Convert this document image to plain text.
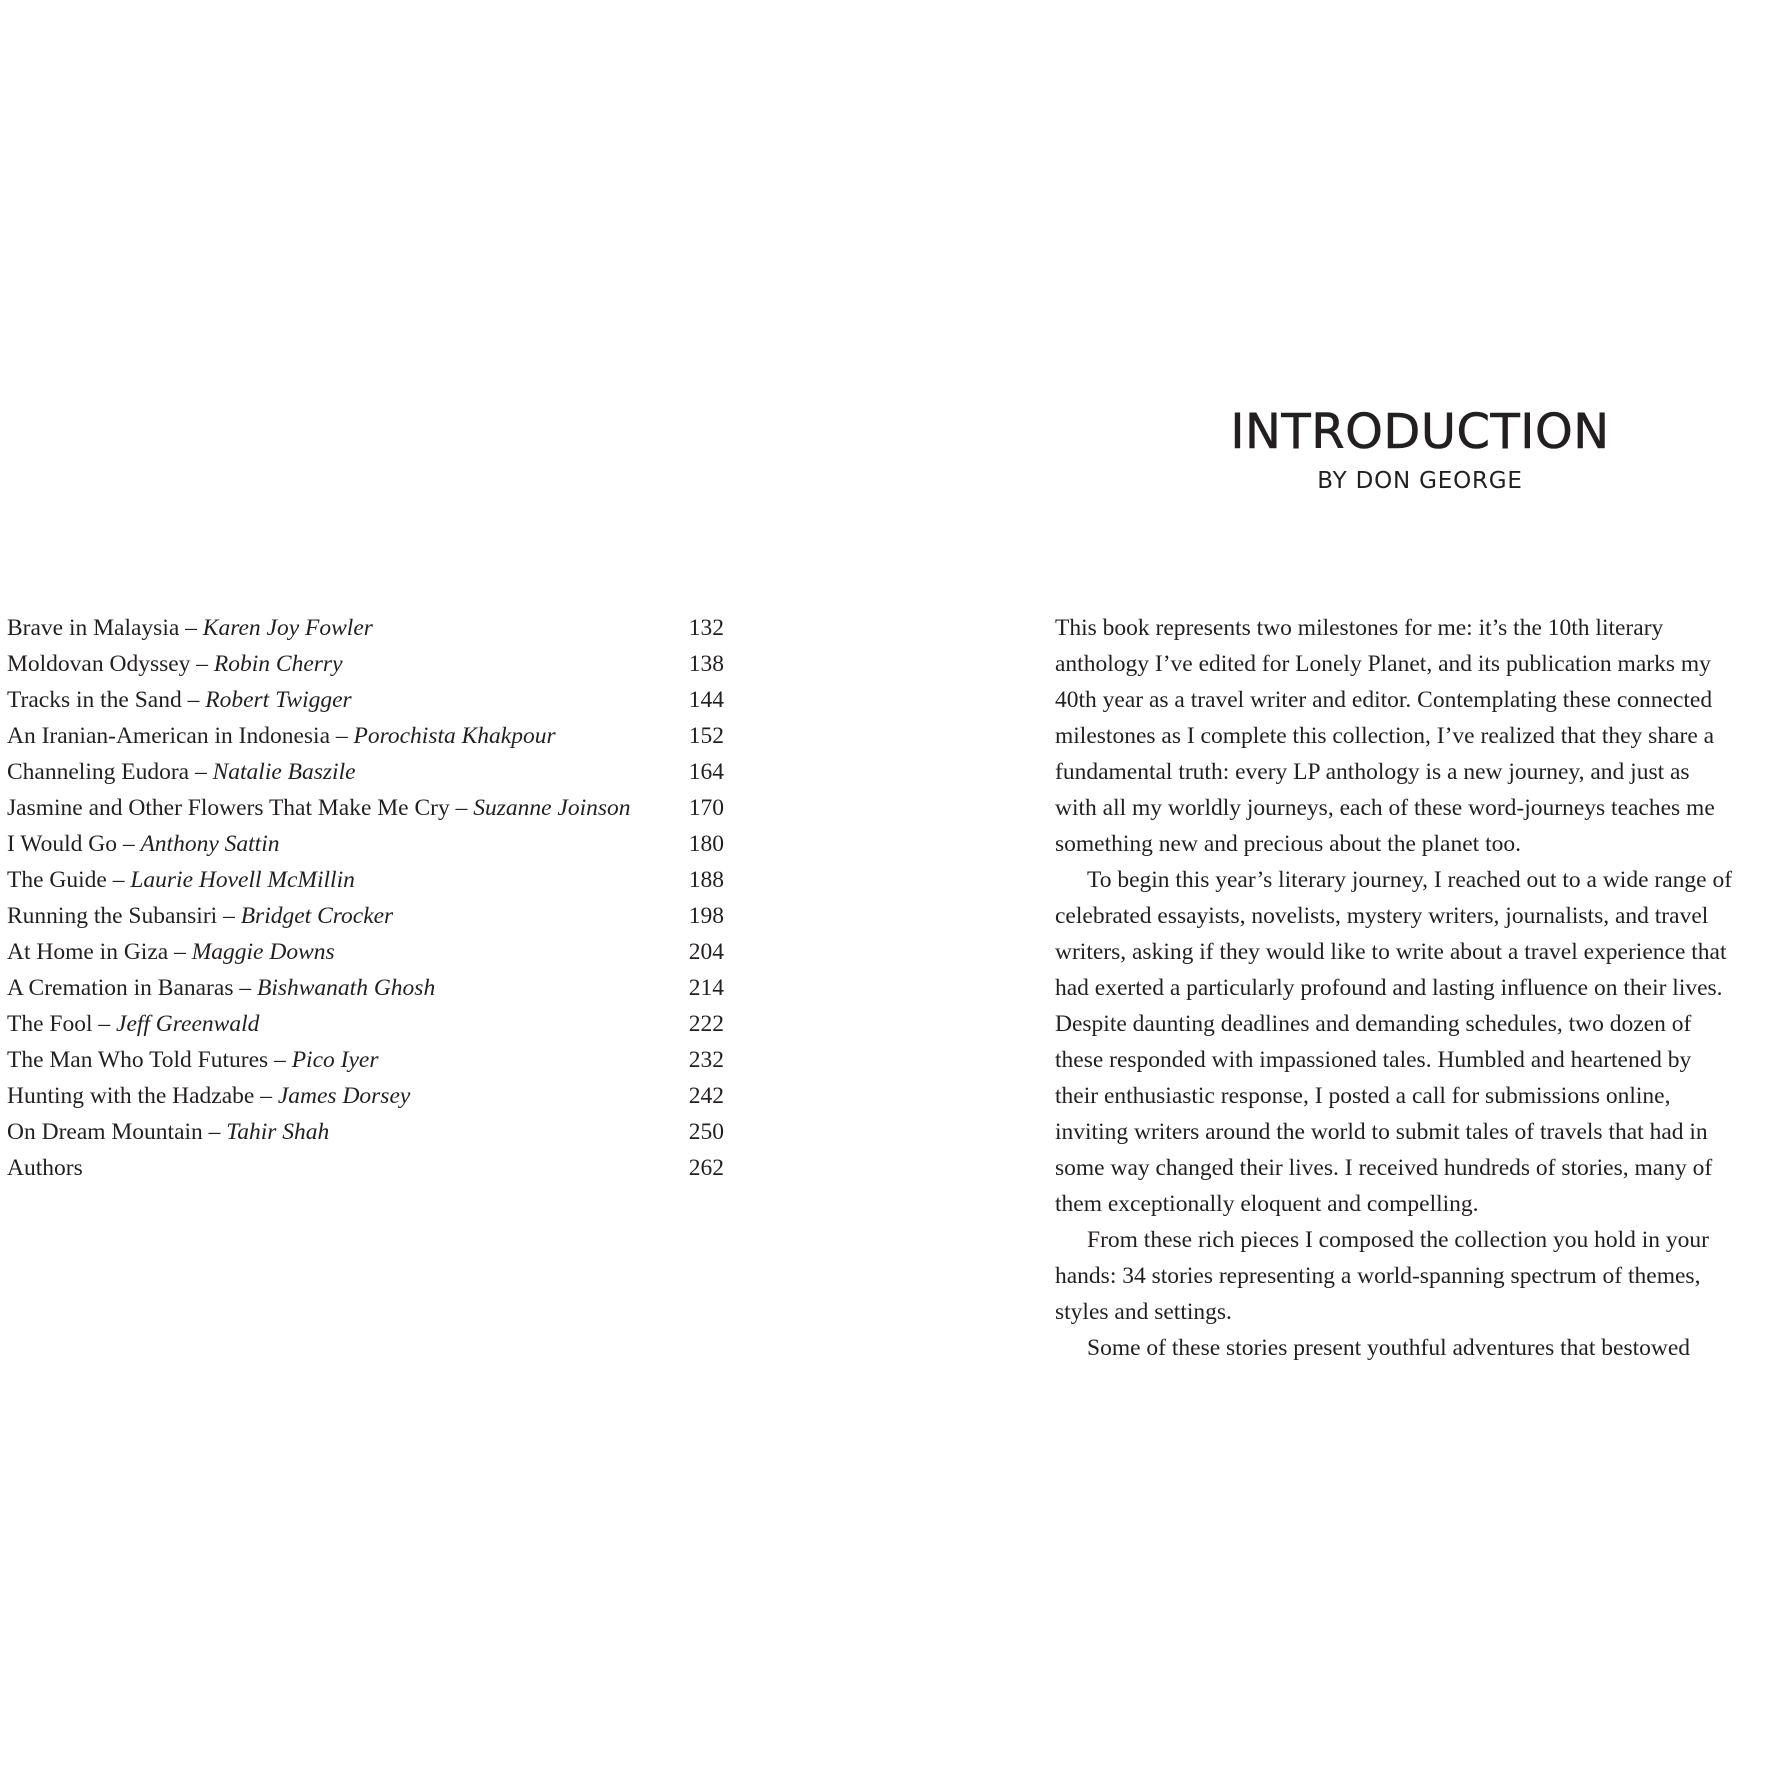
Brave in Malaysia – Karen Joy Fowler	132
Moldovan Odyssey – Robin Cherry	138
Tracks in the Sand – Robert Twigger	144
An Iranian-American in Indonesia – Porochista Khakpour	152
Channeling Eudora – Natalie Baszile	164
Jasmine and Other Flowers That Make Me Cry – Suzanne Joinson 170
I Would Go – Anthony Sattin	180
The Guide – Laurie Hovell McMillin	188
Running the Subansiri – Bridget Crocker	198
At Home in Giza – Maggie Downs	204
A Cremation in Banaras – Bishwanath Ghosh	214
The Fool – Jeff Greenwald	222
The Man Who Told Futures – Pico Iyer	232
Hunting with the Hadzabe – James Dorsey	242
On Dream Mountain – Tahir Shah	250
Authors	262
INTRODUCTION
BY DON GEORGE
This book represents two milestones for me: it’s the 10th literary
anthology I’ve edited for Lonely Planet, and its publication marks my
40th year as a travel writer and editor. Contemplating these connected
milestones as I complete this collection, I’ve realized that they share a
fundamental truth: every LP anthology is a new journey, and just as
with all my worldly journeys, each of these word-journeys teaches me
something new and precious about the planet too.
To begin this year’s literary journey, I reached out to a wide range of
celebrated essayists, novelists, mystery writers, journalists, and travel
writers, asking if they would like to write about a travel experience that
had exerted a particularly profound and lasting influence on their lives.
Despite daunting deadlines and demanding schedules, two dozen of
these responded with impassioned tales. Humbled and heartened by
their enthusiastic response, I posted a call for submissions online,
inviting writers around the world to submit tales of travels that had in
some way changed their lives. I received hundreds of stories, many of
them exceptionally eloquent and compelling.
From these rich pieces I composed the collection you hold in your
hands: 34 stories representing a world-spanning spectrum of themes,
styles and settings.
Some of these stories present youthful adventures that bestowed
